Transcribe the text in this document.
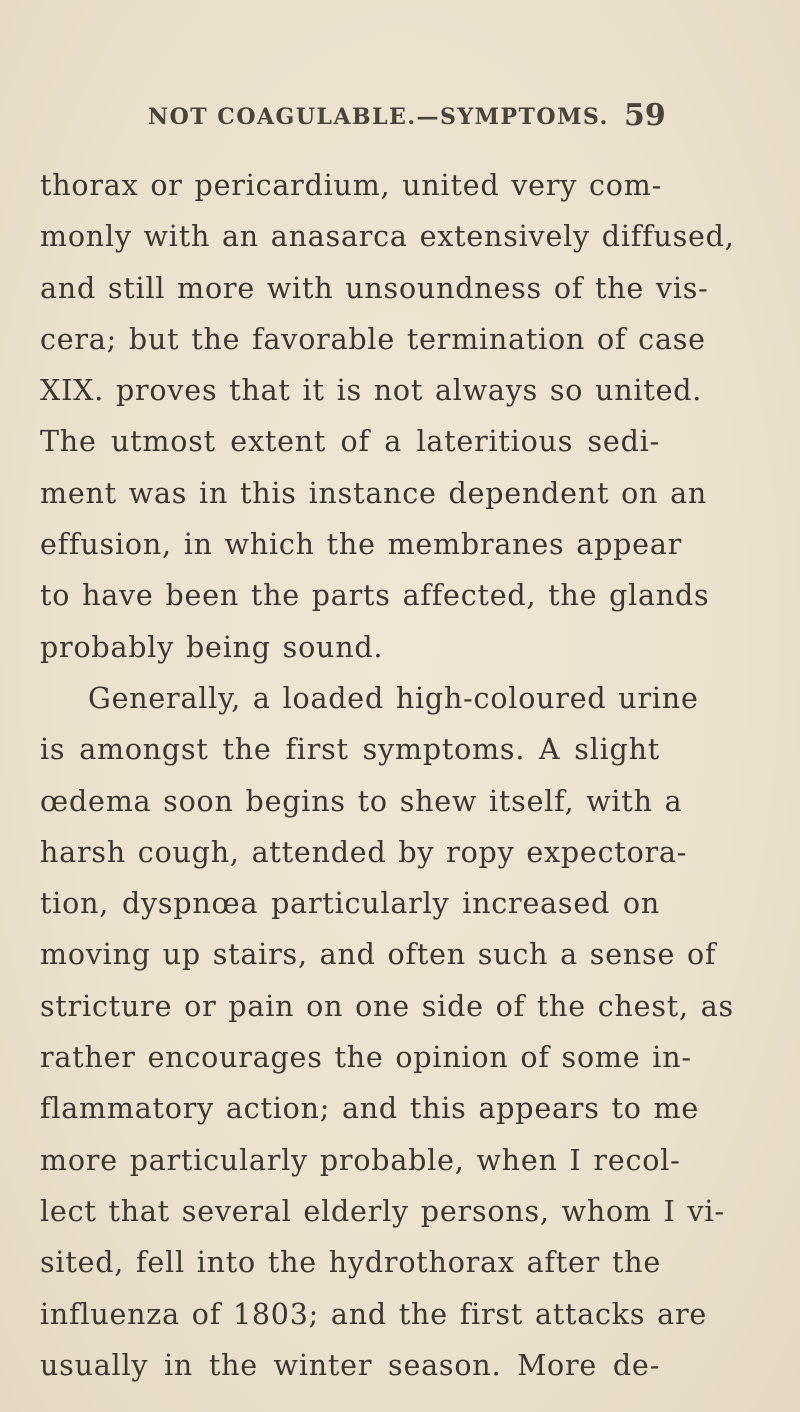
NOT COAGULABLE.—SYMPTOMS. 59
thorax or pericardium, united very com-
monly with an anasarca extensively diffused,
and still more with unsoundness of the vis-
cera; but the favorable termination of case
XIX. proves that it is not always so united.
The utmost extent of a lateritious sedi-
ment was in this instance dependent on an
effusion, in which the membranes appear
to have been the parts affected, the glands
probably being sound.
Generally, a loaded high-coloured urine
is amongst the first symptoms. A slight
œdema soon begins to shew itself, with a
harsh cough, attended by ropy expectora-
tion, dyspnœa particularly increased on
moving up stairs, and often such a sense of
stricture or pain on one side of the chest, as
rather encourages the opinion of some in-
flammatory action; and this appears to me
more particularly probable, when I recol-
lect that several elderly persons, whom I vi-
sited, fell into the hydrothorax after the
influenza of 1803; and the first attacks are
usually in the winter season. More de-
